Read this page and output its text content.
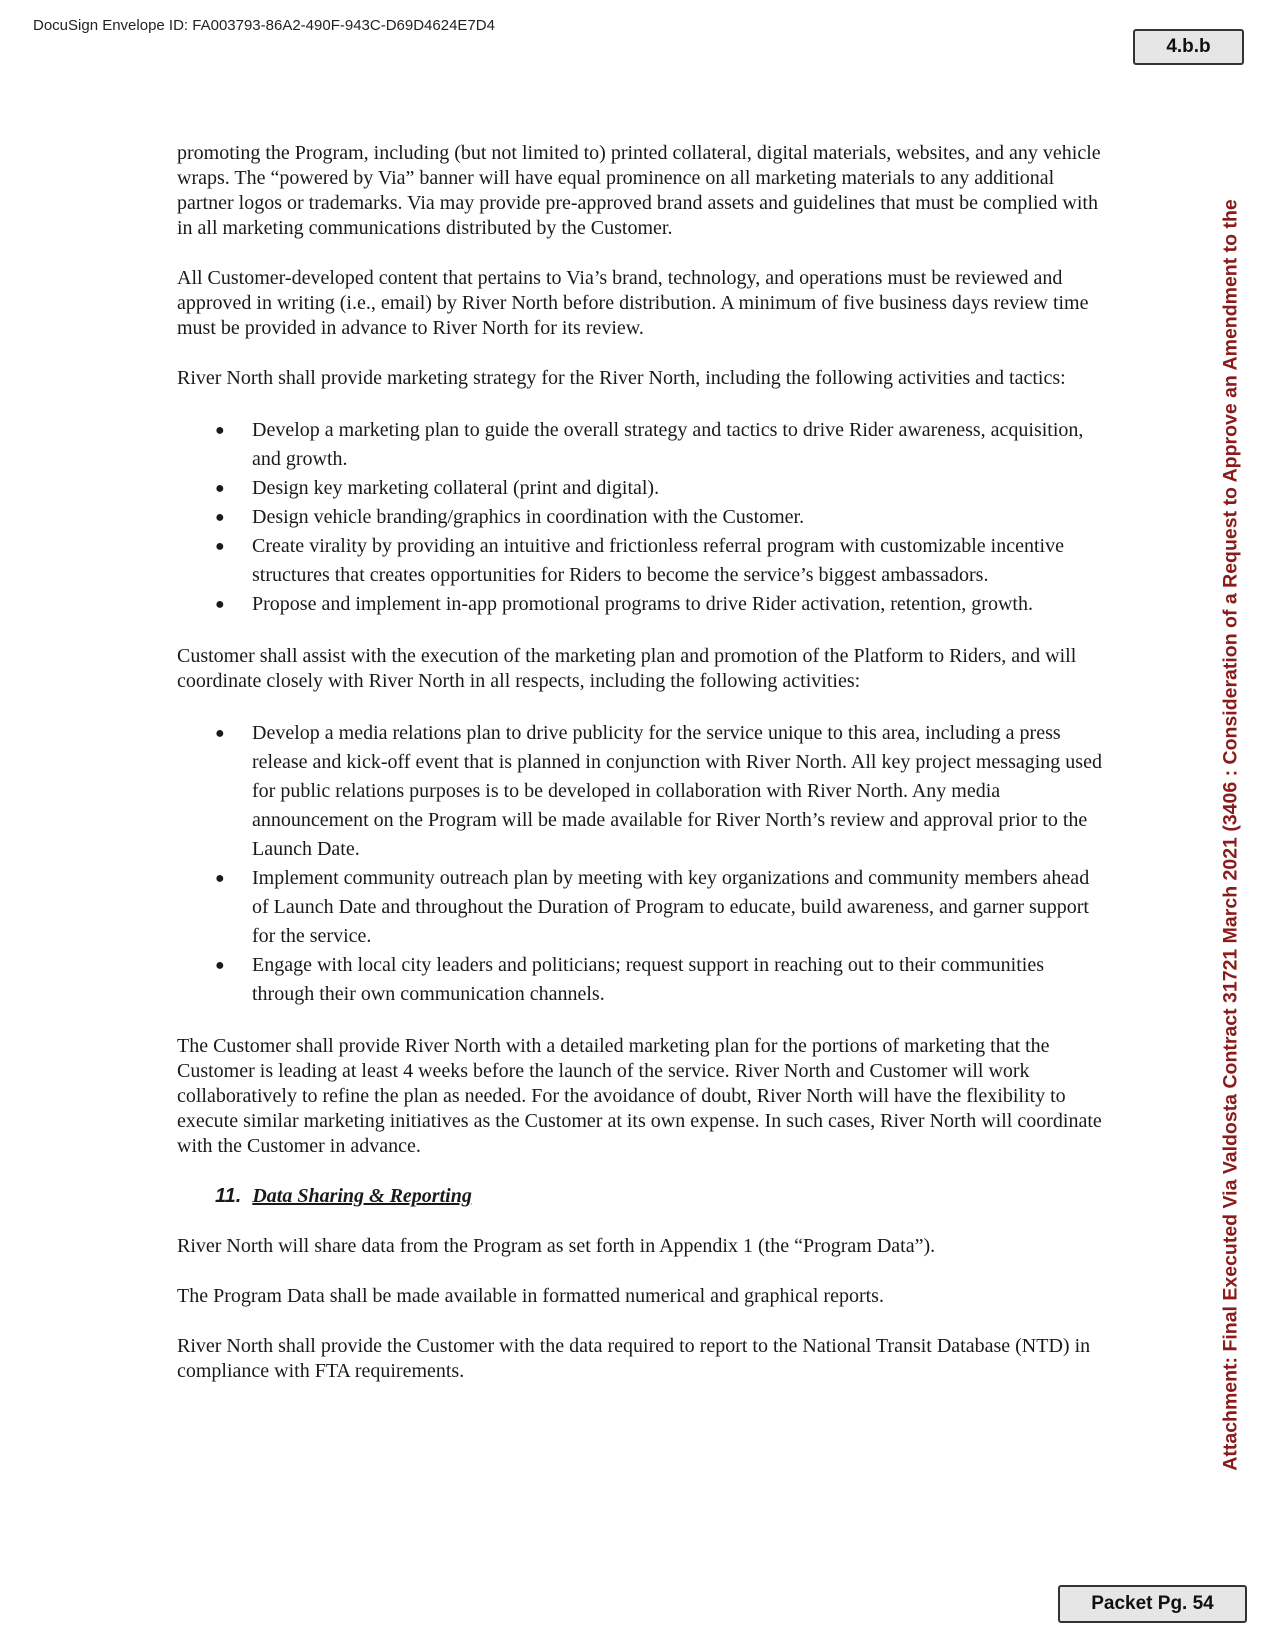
DocuSign Envelope ID: FA003793-86A2-490F-943C-D69D4624E7D4
4.b.b
Attachment: Final Executed Via Valdosta Contract 31721 March 2021 (3406 : Consideration of a Request to Approve an Amendment to the

promoting the Program, including (but not limited to) printed collateral, digital materials, websites, and any vehicle wraps. The “powered by Via” banner will have equal prominence on all marketing materials to any additional partner logos or trademarks. Via may provide pre-approved brand assets and guidelines that must be complied with in all marketing communications distributed by the Customer.

All Customer-developed content that pertains to Via’s brand, technology, and operations must be reviewed and approved in writing (i.e., email) by River North before distribution. A minimum of five business days review time must be provided in advance to River North for its review.

River North shall provide marketing strategy for the River North, including the following activities and tactics:

● Develop a marketing plan to guide the overall strategy and tactics to drive Rider awareness, acquisition, and growth.
● Design key marketing collateral (print and digital).
● Design vehicle branding/graphics in coordination with the Customer.
● Create virality by providing an intuitive and frictionless referral program with customizable incentive structures that creates opportunities for Riders to become the service’s biggest ambassadors.
● Propose and implement in-app promotional programs to drive Rider activation, retention, growth.

Customer shall assist with the execution of the marketing plan and promotion of the Platform to Riders, and will coordinate closely with River North in all respects, including the following activities:

● Develop a media relations plan to drive publicity for the service unique to this area, including a press release and kick-off event that is planned in conjunction with River North. All key project messaging used for public relations purposes is to be developed in collaboration with River North. Any media announcement on the Program will be made available for River North’s review and approval prior to the Launch Date.
● Implement community outreach plan by meeting with key organizations and community members ahead of Launch Date and throughout the Duration of Program to educate, build awareness, and garner support for the service.
● Engage with local city leaders and politicians; request support in reaching out to their communities through their own communication channels.

The Customer shall provide River North with a detailed marketing plan for the portions of marketing that the Customer is leading at least 4 weeks before the launch of the service. River North and Customer will work collaboratively to refine the plan as needed. For the avoidance of doubt, River North will have the flexibility to execute similar marketing initiatives as the Customer at its own expense. In such cases, River North will coordinate with the Customer in advance.

11. Data Sharing & Reporting

River North will share data from the Program as set forth in Appendix 1 (the “Program Data”).

The Program Data shall be made available in formatted numerical and graphical reports.

River North shall provide the Customer with the data required to report to the National Transit Database (NTD) in compliance with FTA requirements.

Packet Pg. 54
